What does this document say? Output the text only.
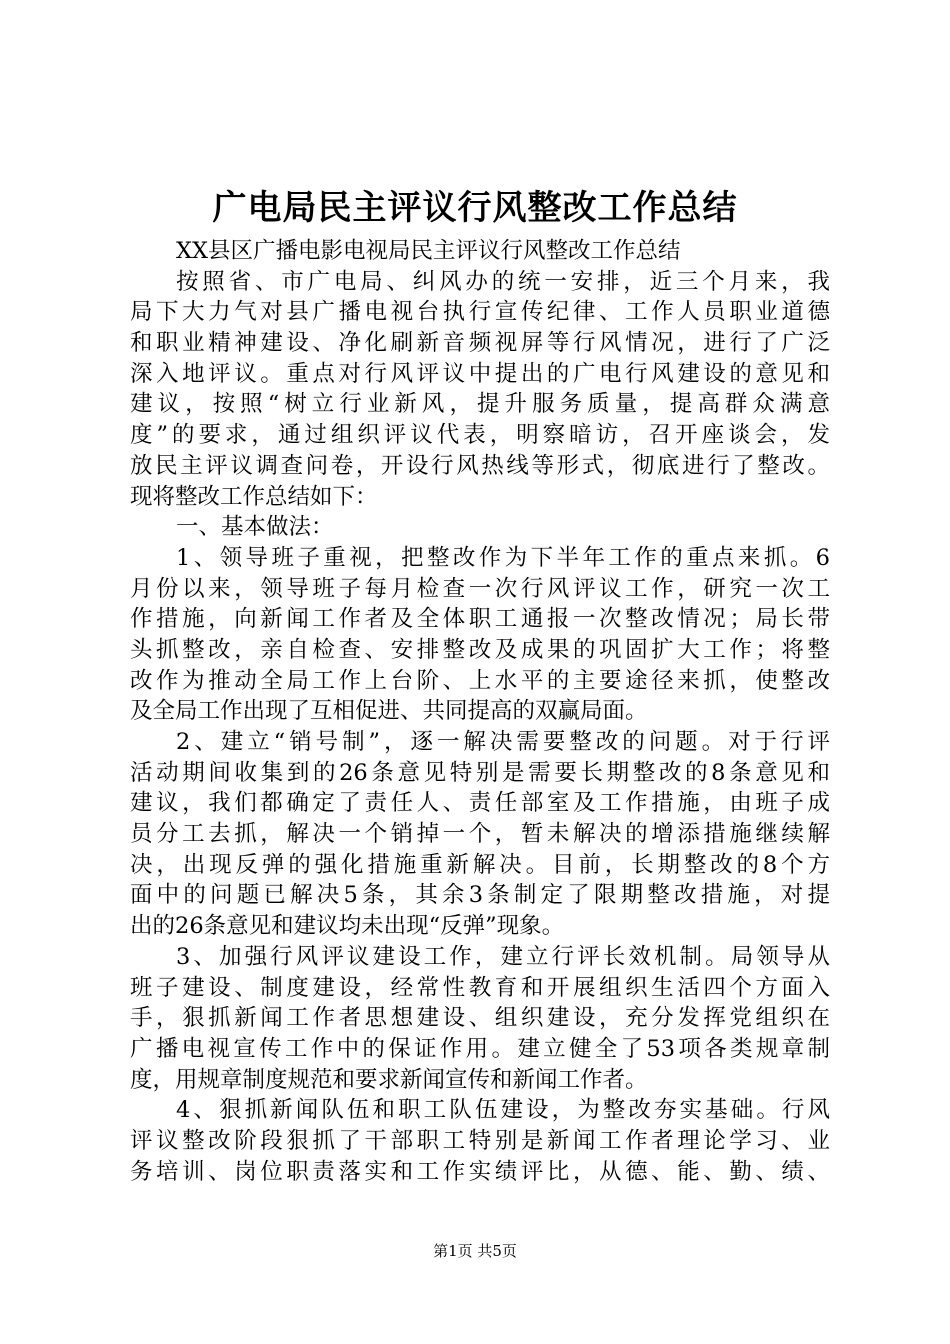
广电局民主评议行风整改工作总结
XX县区广播电影电视局民主评议行风整改工作总结
按照省、市广电局、纠风办的统一安排，近三个月来，我
局下大力气对县广播电视台执行宣传纪律、工作人员职业道德
和职业精神建设、净化刷新音频视屏等行风情况，进行了广泛
深入地评议。重点对行风评议中提出的广电行风建设的意见和
建议，按照“树立行业新风，提升服务质量，提高群众满意
度”的要求，通过组织评议代表，明察暗访，召开座谈会，发
放民主评议调查问卷，开设行风热线等形式，彻底进行了整改。
现将整改工作总结如下：
一、基本做法：
1、领导班子重视，把整改作为下半年工作的重点来抓。6
月份以来，领导班子每月检查一次行风评议工作，研究一次工
作措施，向新闻工作者及全体职工通报一次整改情况；局长带
头抓整改，亲自检查、安排整改及成果的巩固扩大工作；将整
改作为推动全局工作上台阶、上水平的主要途径来抓，使整改
及全局工作出现了互相促进、共同提高的双赢局面。
2、建立“销号制”，逐一解决需要整改的问题。对于行评
活动期间收集到的26条意见特别是需要长期整改的8条意见和
建议，我们都确定了责任人、责任部室及工作措施，由班子成
员分工去抓，解决一个销掉一个，暂未解决的增添措施继续解
决，出现反弹的强化措施重新解决。目前，长期整改的8个方
面中的问题已解决5条，其余3条制定了限期整改措施，对提
出的26条意见和建议均未出现“反弹”现象。
3、加强行风评议建设工作，建立行评长效机制。局领导从
班子建设、制度建设，经常性教育和开展组织生活四个方面入
手，狠抓新闻工作者思想建设、组织建设，充分发挥党组织在
广播电视宣传工作中的保证作用。建立健全了53项各类规章制
度，用规章制度规范和要求新闻宣传和新闻工作者。
4、狠抓新闻队伍和职工队伍建设，为整改夯实基础。行风
评议整改阶段狠抓了干部职工特别是新闻工作者理论学习、业
务培训、岗位职责落实和工作实绩评比，从德、能、勤、绩、
第1页 共5页
